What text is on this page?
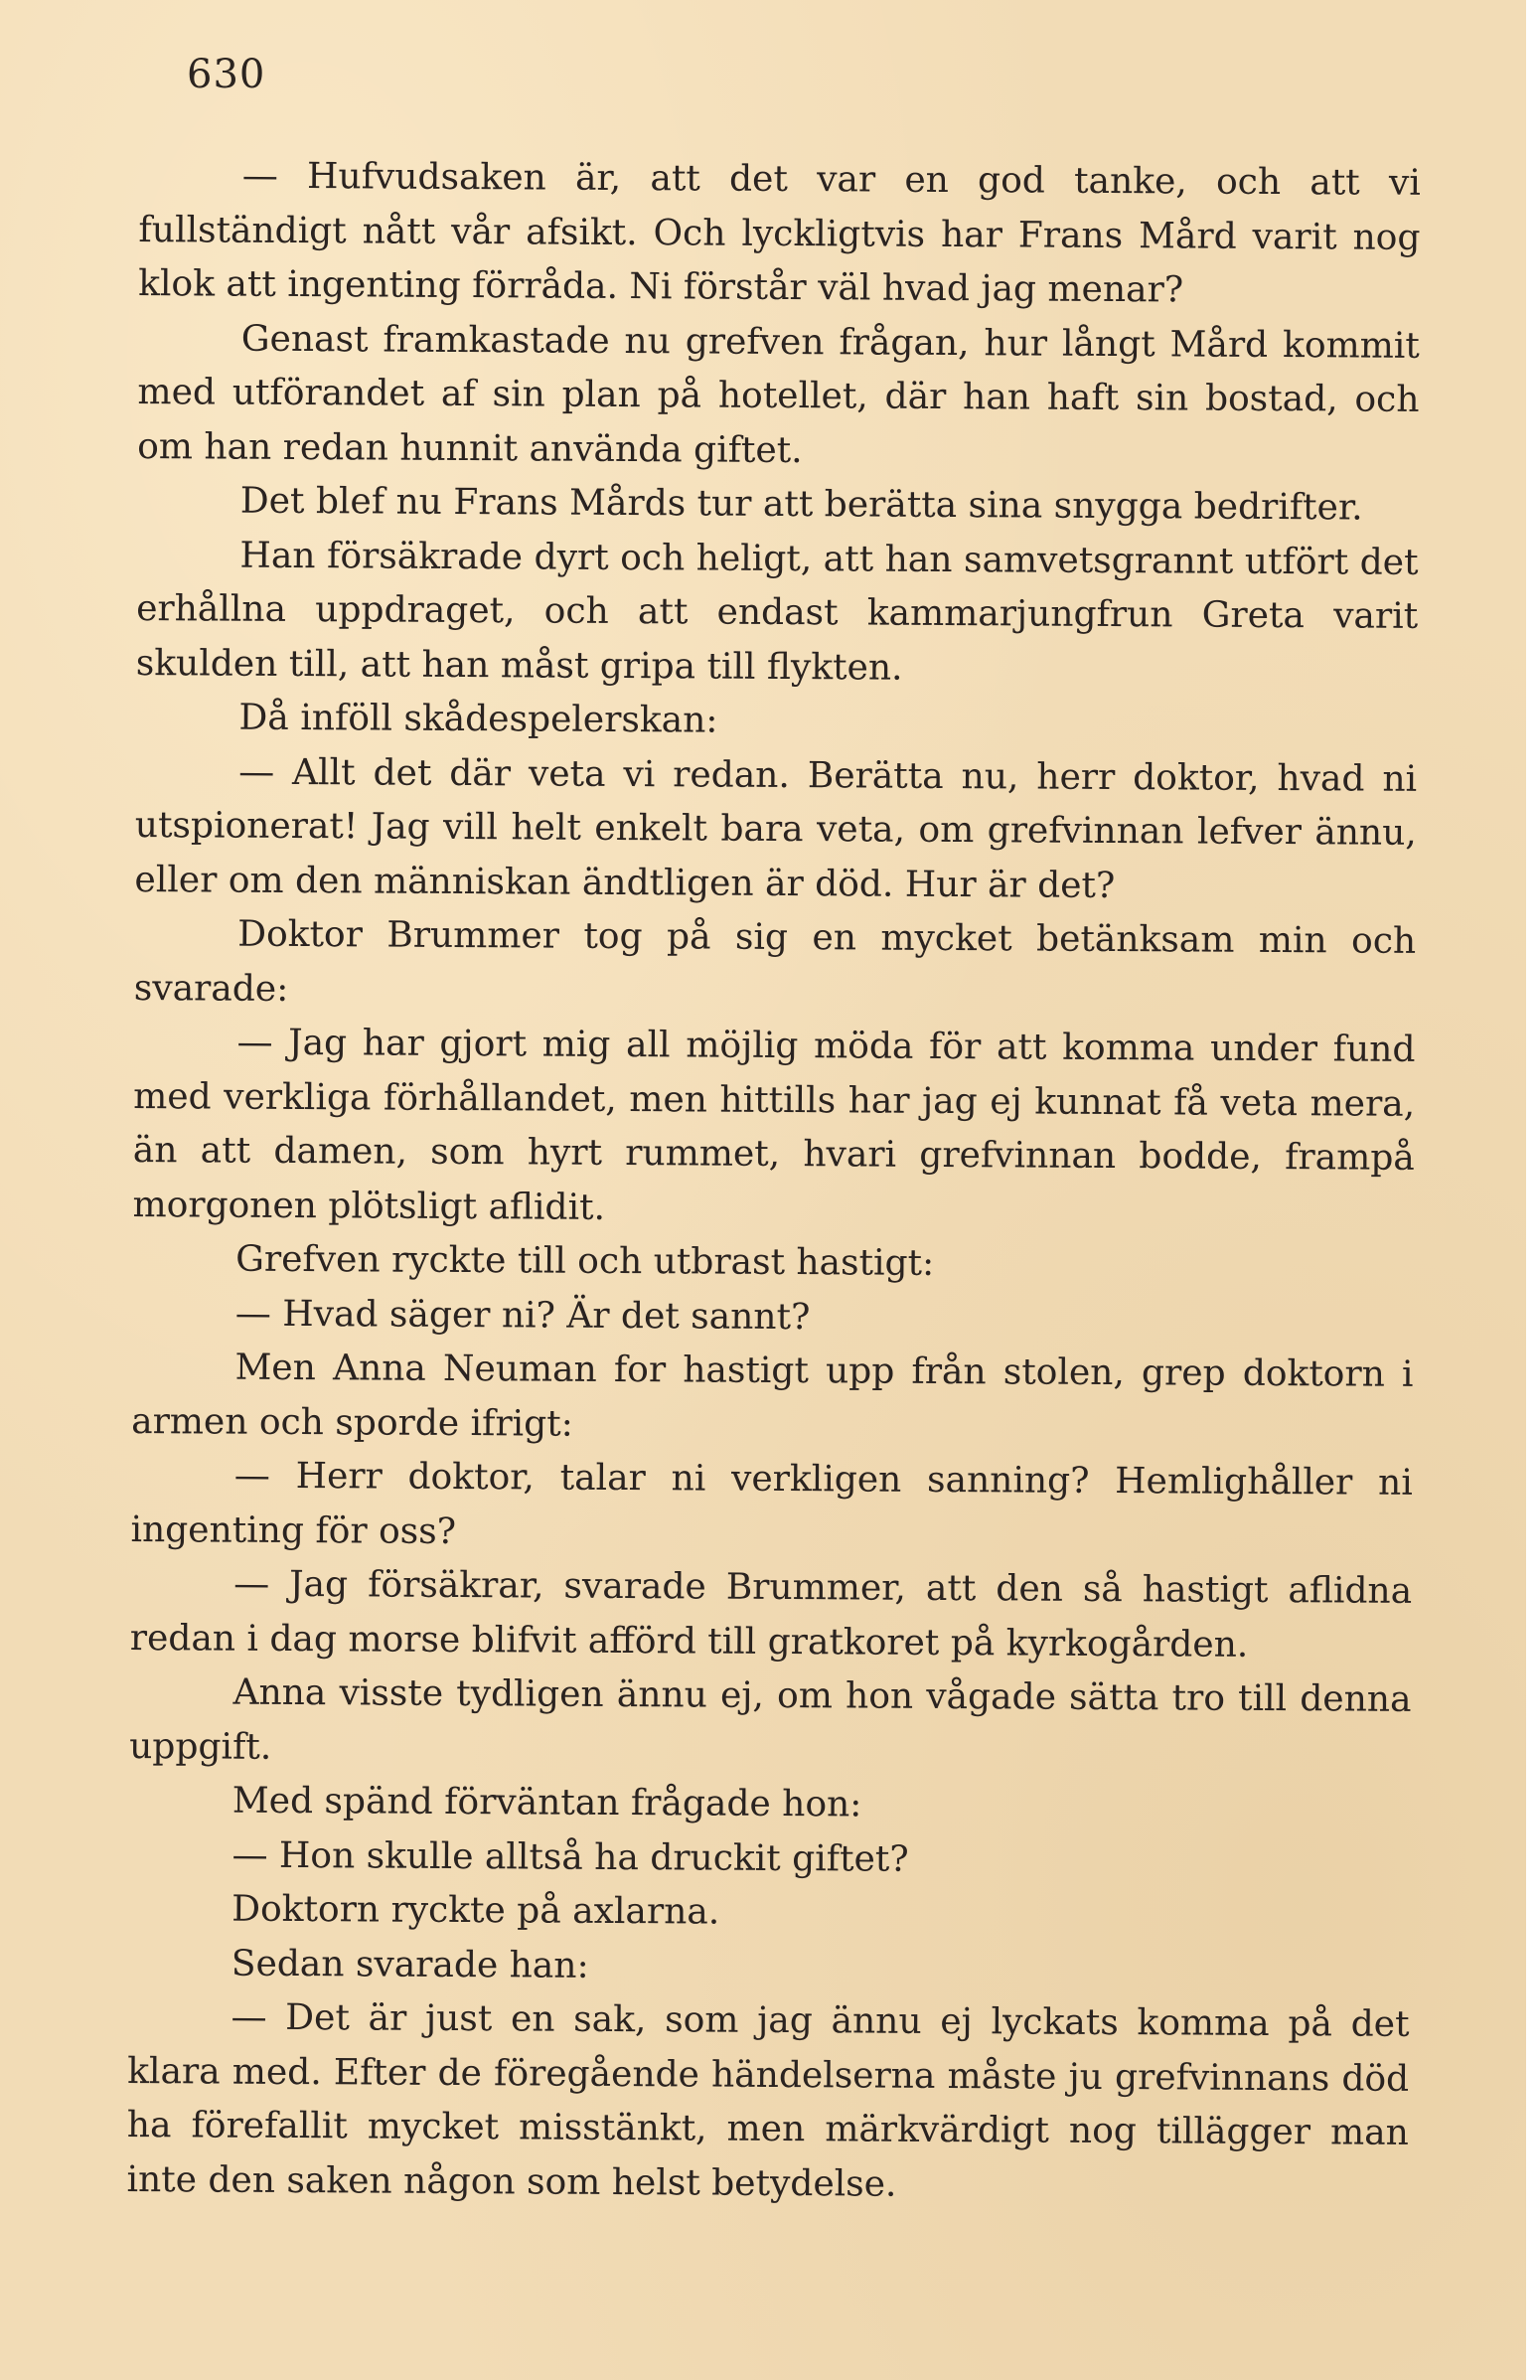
630

— Hufvudsaken är, att det var en god tanke, och att vi fullständigt nått vår afsikt. Och lyckligtvis har Frans Mård varit nog klok att ingenting förråda. Ni förstår väl hvad jag menar?

Genast framkastade nu grefven frågan, hur långt Mård kommit med utförandet af sin plan på hotellet, där han haft sin bostad, och om han redan hunnit använda giftet.

Det blef nu Frans Mårds tur att berätta sina snygga bedrifter.

Han försäkrade dyrt och heligt, att han samvetsgrannt utfört det erhållna uppdraget, och att endast kammarjungfrun Greta varit skulden till, att han måst gripa till flykten.

Då inföll skådespelerskan:

— Allt det där veta vi redan. Berätta nu, herr doktor, hvad ni utspionerat! Jag vill helt enkelt bara veta, om grefvinnan lefver ännu, eller om den människan ändtligen är död. Hur är det?

Doktor Brummer tog på sig en mycket betänksam min och svarade:

— Jag har gjort mig all möjlig möda för att komma under fund med verkliga förhållandet, men hittills har jag ej kunnat få veta mera, än att damen, som hyrt rummet, hvari grefvinnan bodde, frampå morgonen plötsligt aflidit.

Grefven ryckte till och utbrast hastigt:

— Hvad säger ni? Är det sannt?

Men Anna Neuman for hastigt upp från stolen, grep doktorn i armen och sporde ifrigt:

— Herr doktor, talar ni verkligen sanning? Hemlighåller ni ingenting för oss?

— Jag försäkrar, svarade Brummer, att den så hastigt aflidna redan i dag morse blifvit afförd till gratkoret på kyrkogården.

Anna visste tydligen ännu ej, om hon vågade sätta tro till denna uppgift.

Med spänd förväntan frågade hon:

— Hon skulle alltså ha druckit giftet?

Doktorn ryckte på axlarna.

Sedan svarade han:

— Det är just en sak, som jag ännu ej lyckats komma på det klara med. Efter de föregående händelserna måste ju grefvinnans död ha förefallit mycket misstänkt, men märkvärdigt nog tillägger man inte den saken någon som helst betydelse.
